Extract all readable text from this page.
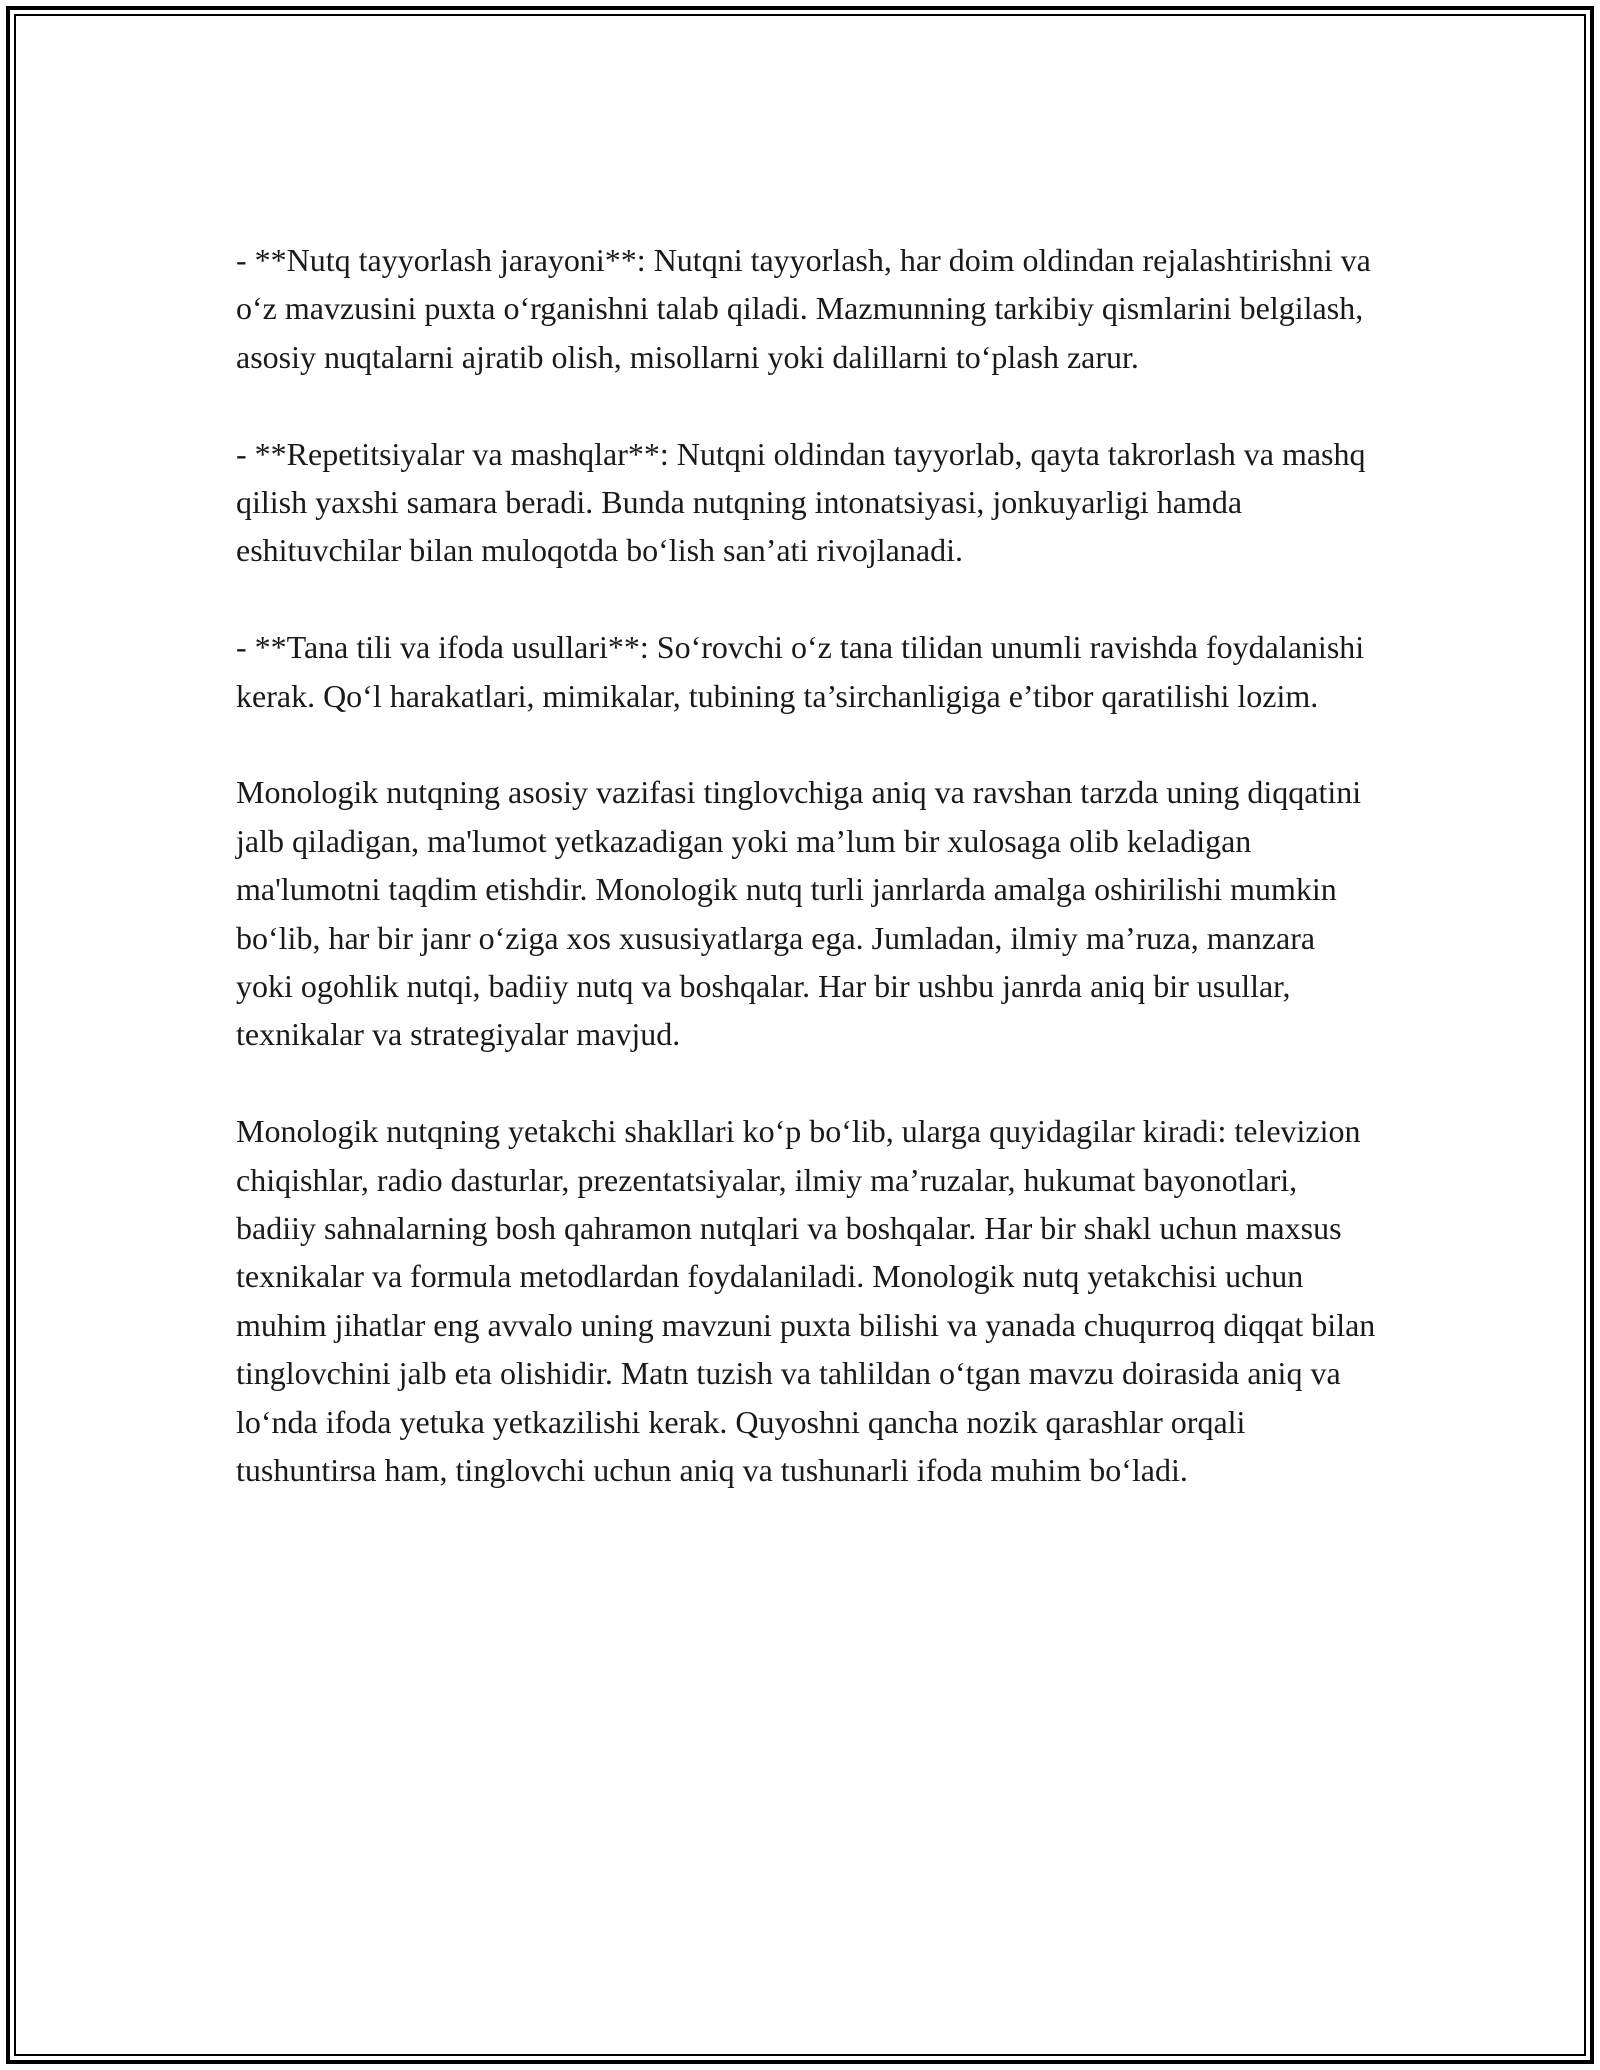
- **Nutq tayyorlash jarayoni**: Nutqni tayyorlash, har doim oldindan rejalashtirishni va o‘z mavzusini puxta o‘rganishni talab qiladi. Mazmunning tarkibiy qismlarini belgilash, asosiy nuqtalarni ajratib olish, misollarni yoki dalillarni to‘plash zarur.

- **Repetitsiyalar va mashqlar**: Nutqni oldindan tayyorlab, qayta takrorlash va mashq qilish yaxshi samara beradi. Bunda nutqning intonatsiyasi, jonkuyarligi hamda eshituvchilar bilan muloqotda bo‘lish san’ati rivojlanadi.

- **Tana tili va ifoda usullari**: So‘rovchi o‘z tana tilidan unumli ravishda foydalanishi kerak. Qo‘l harakatlari, mimikalar, tubining ta’sirchanligiga e’tibor qaratilishi lozim.

Monologik nutqning asosiy vazifasi tinglovchiga aniq va ravshan tarzda uning diqqatini jalb qiladigan, ma'lumot yetkazadigan yoki ma’lum bir xulosaga olib keladigan ma'lumotni taqdim etishdir. Monologik nutq turli janrlarda amalga oshirilishi mumkin bo‘lib, har bir janr o‘ziga xos xususiyatlarga ega. Jumladan, ilmiy ma’ruza, manzara yoki ogohlik nutqi, badiiy nutq va boshqalar. Har bir ushbu janrda aniq bir usullar, texnikalar va strategiyalar mavjud.

Monologik nutqning yetakchi shakllari ko‘p bo‘lib, ularga quyidagilar kiradi: televizion chiqishlar, radio dasturlar, prezentatsiyalar, ilmiy ma’ruzalar, hukumat bayonotlari, badiiy sahnalarning bosh qahramon nutqlari va boshqalar. Har bir shakl uchun maxsus texnikalar va formula metodlardan foydalaniladi. Monologik nutq yetakchisi uchun muhim jihatlar eng avvalo uning mavzuni puxta bilishi va yanada chuqurroq diqqat bilan tinglovchini jalb eta olishidir. Matn tuzish va tahlildan o‘tgan mavzu doirasida aniq va lo‘nda ifoda yetuka yetkazilishi kerak. Quyoshni qancha nozik qarashlar orqali tushuntirsa ham, tinglovchi uchun aniq va tushunarli ifoda muhim bo‘ladi.
